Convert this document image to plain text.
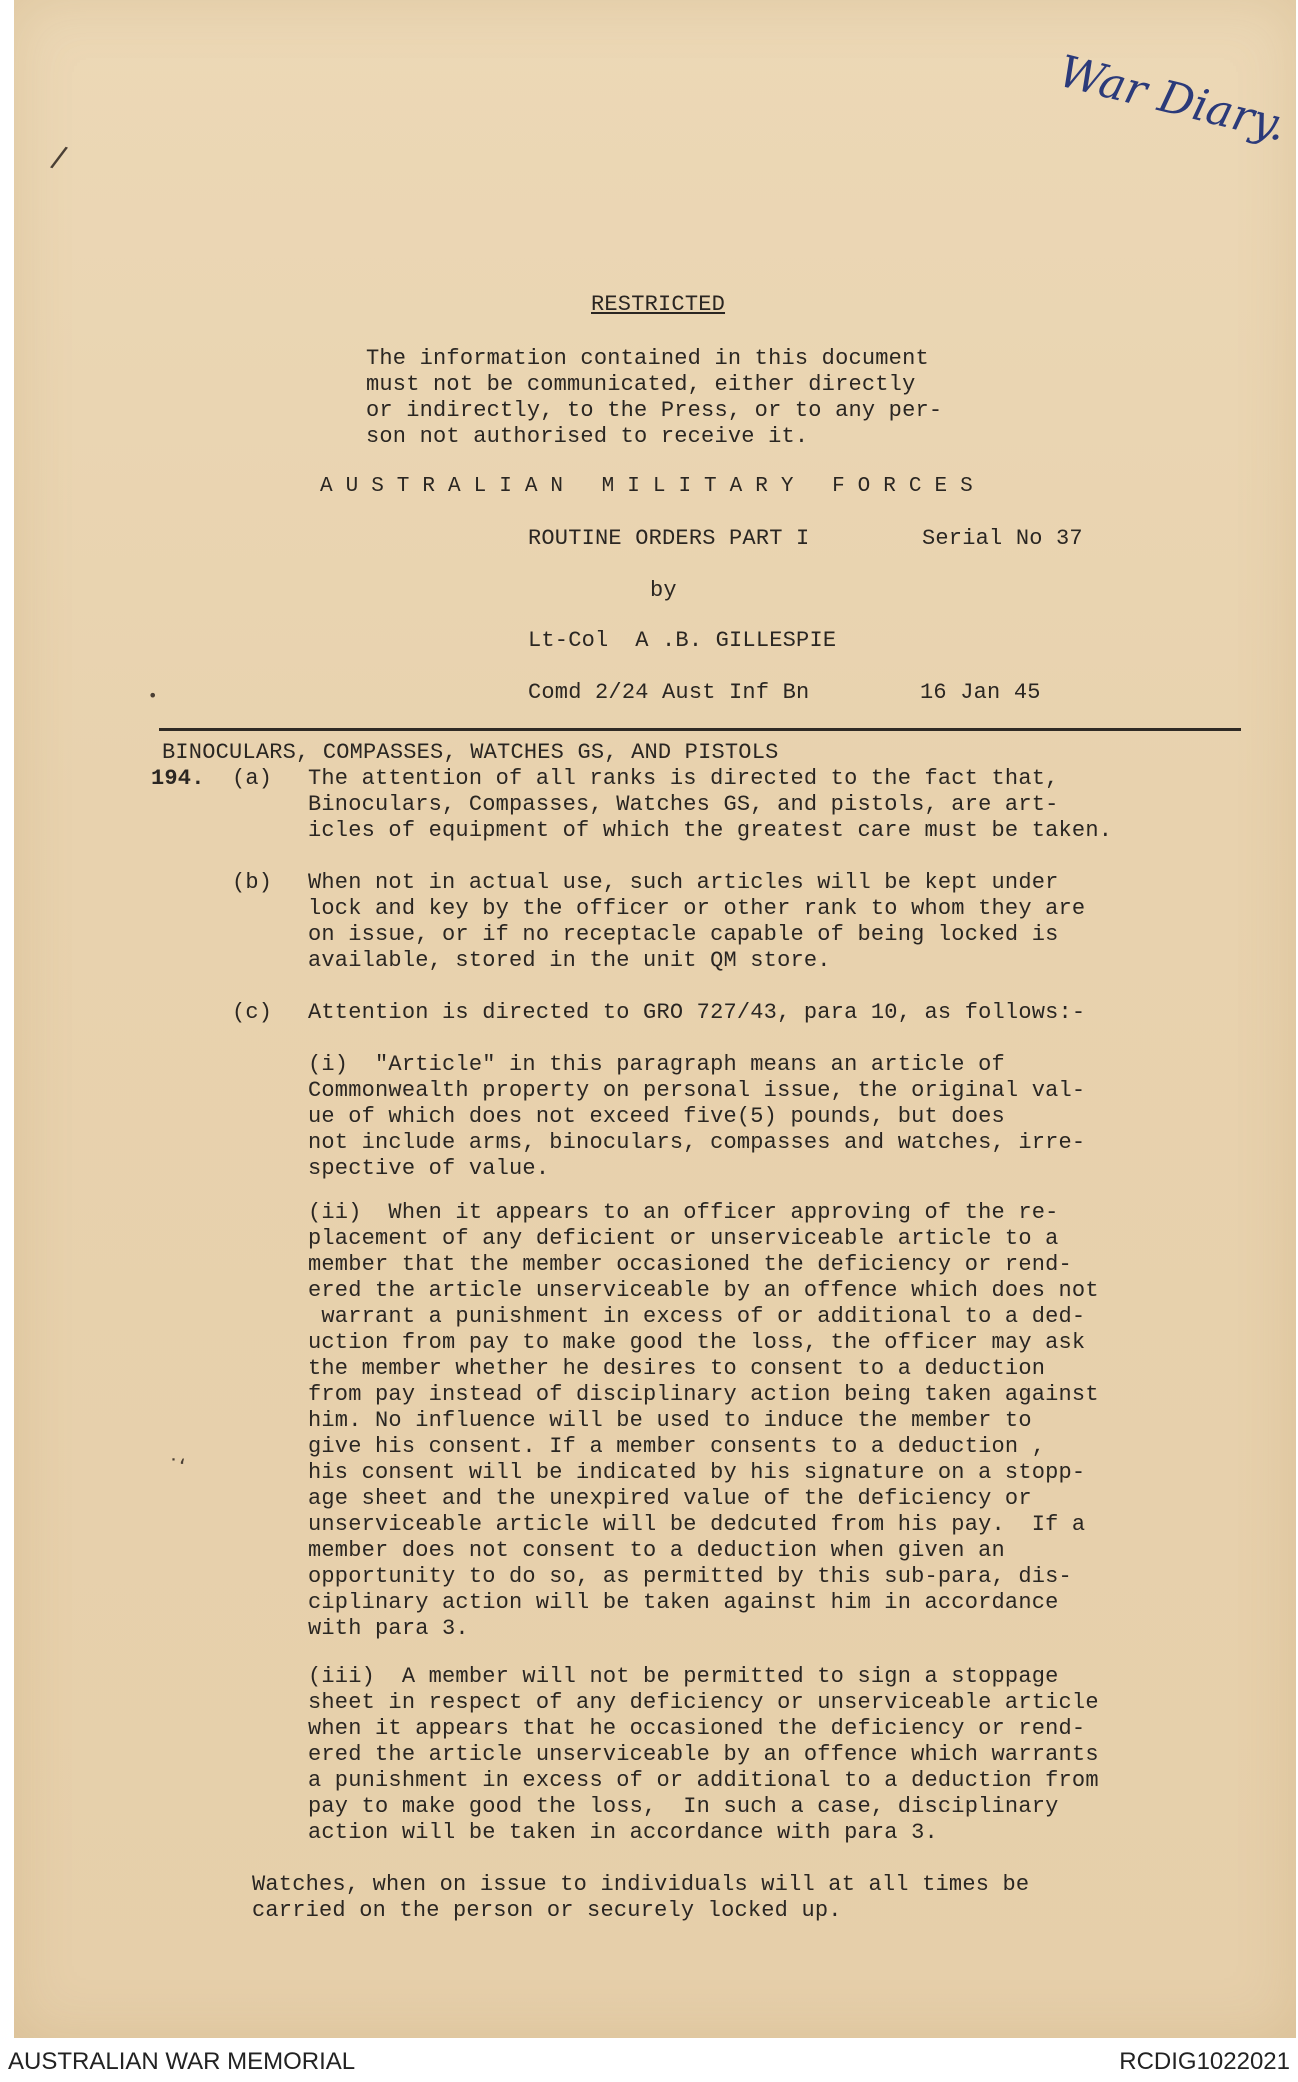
War Diary.
/
RESTRICTED
The information contained in this document
must not be communicated, either directly
or indirectly, to the Press, or to any per-
son not authorised to receive it.
A U S T R A L I A N   M I L I T A R Y   F O R C E S
ROUTINE ORDERS PART I	Serial No 37
by
Lt-Col  A .B. GILLESPIE
Comd 2/24 Aust Inf Bn	16 Jan 45
•
BINOCULARS, COMPASSES, WATCHES GS, AND PISTOLS
194. (a) The attention of all ranks is directed to the fact that,
Binoculars, Compasses, Watches GS, and pistols, are art-
icles of equipment of which the greatest care must be taken.
(b) When not in actual use, such articles will be kept under
lock and key by the officer or other rank to whom they are
on issue, or if no receptacle capable of being locked is
available, stored in the unit QM store.
(c) Attention is directed to GRO 727/43, para 10, as follows:-
(i)  "Article" in this paragraph means an article of
Commonwealth property on personal issue, the original val-
ue of which does not exceed five(5) pounds, but does
not include arms, binoculars, compasses and watches, irre-
spective of value.
(ii)  When it appears to an officer approving of the re-
placement of any deficient or unserviceable article to a
member that the member occasioned the deficiency or rend-
ered the article unserviceable by an offence which does not
warrant a punishment in excess of or additional to a ded-
uction from pay to make good the loss, the officer may ask
the member whether he desires to consent to a deduction
from pay instead of disciplinary action being taken against
him. No influence will be used to induce the member to
give his consent. If a member consents to a deduction ,
his consent will be indicated by his signature on a stopp-
age sheet and the unexpired value of the deficiency or
unserviceable article will be dedcuted from his pay.  If a
member does not consent to a deduction when given an
opportunity to do so, as permitted by this sub-para, dis-
ciplinary action will be taken against him in accordance
with para 3.
˙‘
(iii)  A member will not be permitted to sign a stoppage
sheet in respect of any deficiency or unserviceable article
when it appears that he occasioned the deficiency or rend-
ered the article unserviceable by an offence which warrants
a punishment in excess of or additional to a deduction from
pay to make good the loss,  In such a case, disciplinary
action will be taken in accordance with para 3.
Watches, when on issue to individuals will at all times be
carried on the person or securely locked up.
AUSTRALIAN WAR MEMORIAL	RCDIG1022021
